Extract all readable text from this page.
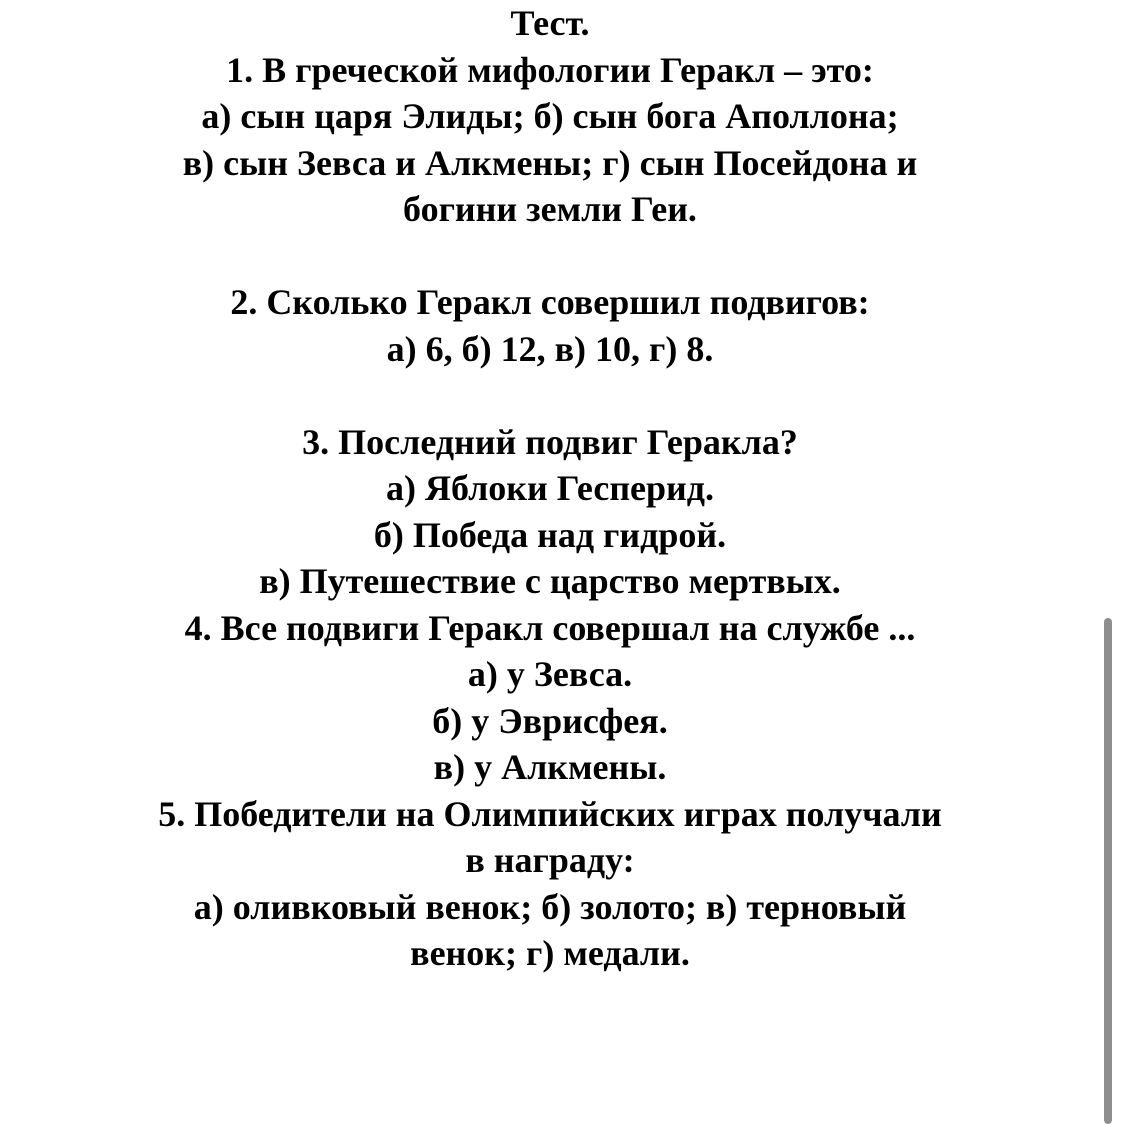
Тест.
1. В греческой мифологии Геракл – это:
а) сын царя Элиды; б) сын бога Аполлона;
в) сын Зевса и Алкмены; г) сын Посейдона и
богини земли Геи.
2. Сколько Геракл совершил подвигов:
а) 6, б) 12, в) 10, г) 8.
3. Последний подвиг Геракла?
а) Яблоки Гесперид.
б) Победа над гидрой.
в) Путешествие с царство мертвых.
4. Все подвиги Геракл совершал на службе ...
а) у Зевса.
б) у Эврисфея.
в) у Алкмены.
5. Победители на Олимпийских играх получали
в награду:
а) оливковый венок; б) золото; в) терновый
венок; г) медали.
